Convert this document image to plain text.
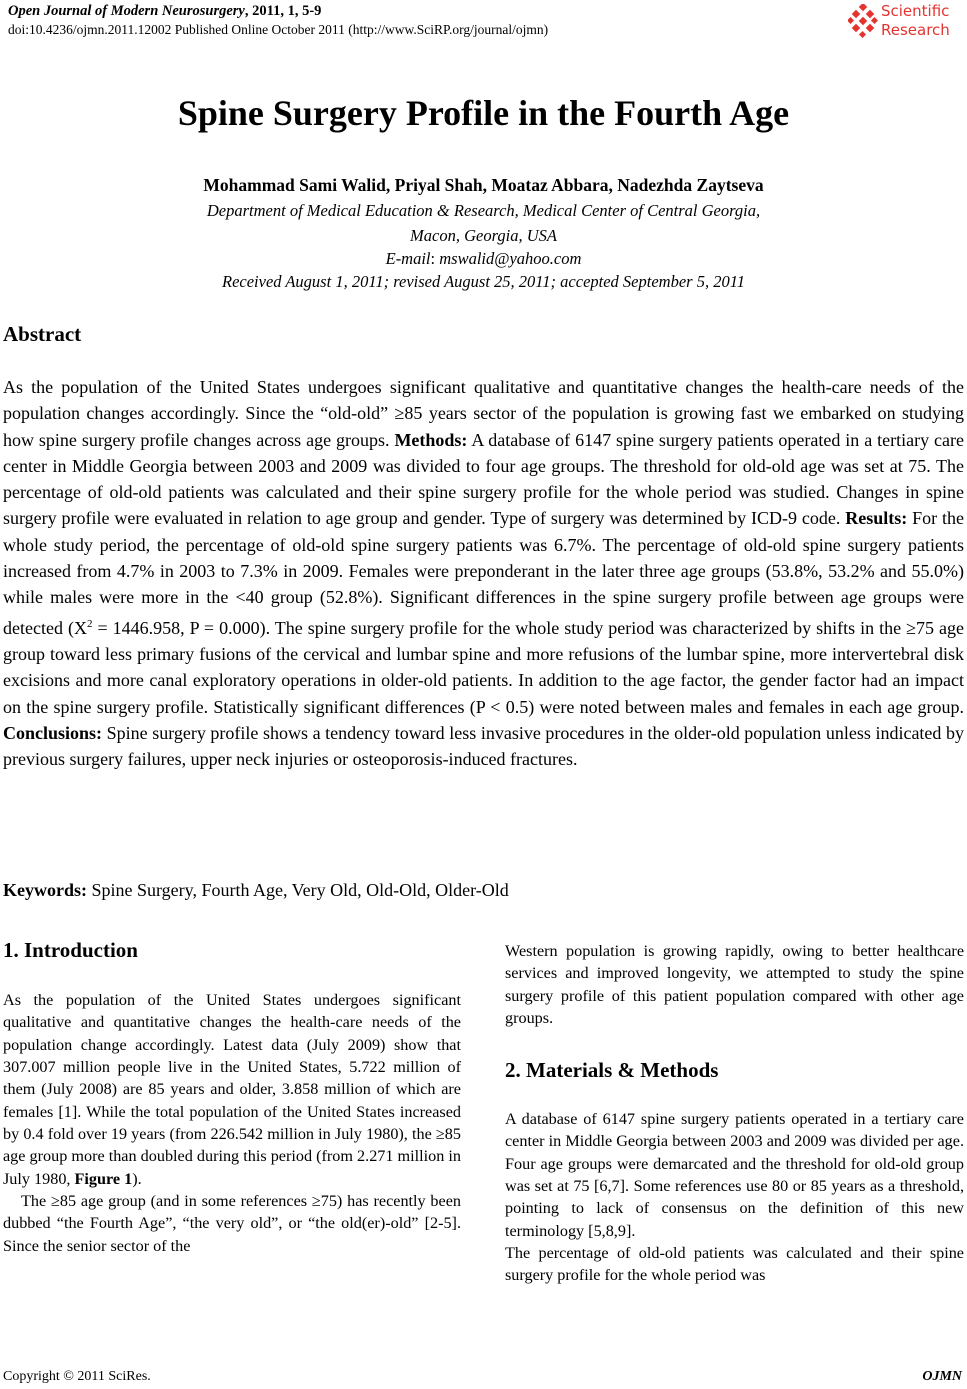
Open Journal of Modern Neurosurgery, 2011, 1, 5-9
doi:10.4236/ojmn.2011.12002 Published Online October 2011 (http://www.SciRP.org/journal/ojmn)
Scientific
Research
Spine Surgery Profile in the Fourth Age
Mohammad Sami Walid, Priyal Shah, Moataz Abbara, Nadezhda Zaytseva
Department of Medical Education & Research, Medical Center of Central Georgia,
Macon, Georgia, USA
E-mail: mswalid@yahoo.com
Received August 1, 2011; revised August 25, 2011; accepted September 5, 2011
Abstract
As the population of the United States undergoes significant qualitative and quantitative changes the health-care needs of the population changes accordingly. Since the “old-old” ≥85 years sector of the population is growing fast we embarked on studying how spine surgery profile changes across age groups. Methods: A database of 6147 spine surgery patients operated in a tertiary care center in Middle Georgia between 2003 and 2009 was divided to four age groups. The threshold for old-old age was set at 75. The percentage of old-old patients was calculated and their spine surgery profile for the whole period was studied. Changes in spine surgery profile were evaluated in relation to age group and gender. Type of surgery was determined by ICD-9 code. Results: For the whole study period, the percentage of old-old spine surgery patients was 6.7%. The percentage of old-old spine surgery patients increased from 4.7% in 2003 to 7.3% in 2009. Females were preponderant in the later three age groups (53.8%, 53.2% and 55.0%) while males were more in the <40 group (52.8%). Significant differences in the spine surgery profile between age groups were detected ($X^2 = 1446.958$, P = 0.000). The spine surgery profile for the whole study period was characterized by shifts in the ≥75 age group toward less primary fusions of the cervical and lumbar spine and more refusions of the lumbar spine, more intervertebral disk excisions and more canal exploratory operations in older-old patients. In addition to the age factor, the gender factor had an impact on the spine surgery profile. Statistically significant differences (P < 0.5) were noted between males and females in each age group. Conclusions: Spine surgery profile shows a tendency toward less invasive procedures in the older-old population unless indicated by previous surgery failures, upper neck injuries or osteoporosis-induced fractures.
Keywords: Spine Surgery, Fourth Age, Very Old, Old-Old, Older-Old
1. Introduction

As the population of the United States undergoes significant qualitative and quantitative changes the health-care needs of the population change accordingly. Latest data (July 2009) show that 307.007 million people live in the United States, 5.722 million of them (July 2008) are 85 years and older, 3.858 million of which are females [1]. While the total population of the United States increased by 0.4 fold over 19 years (from 226.542 million in July 1980), the ≥85 age group more than doubled during this period (from 2.271 million in July 1980, Figure 1).

The ≥85 age group (and in some references ≥75) has recently been dubbed “the Fourth Age”, “the very old”, or “the old(er)-old” [2-5]. Since the senior sector of the

Western population is growing rapidly, owing to better healthcare services and improved longevity, we attempted to study the spine surgery profile of this patient population compared with other age groups.

2. Materials & Methods

A database of 6147 spine surgery patients operated in a tertiary care center in Middle Georgia between 2003 and 2009 was divided per age. Four age groups were demarcated and the threshold for old-old group was set at 75 [6,7]. Some references use 80 or 85 years as a threshold, pointing to lack of consensus on the definition of this new terminology [5,8,9].

The percentage of old-old patients was calculated and their spine surgery profile for the whole period was

Copyright © 2011 SciRes.	OJMN
